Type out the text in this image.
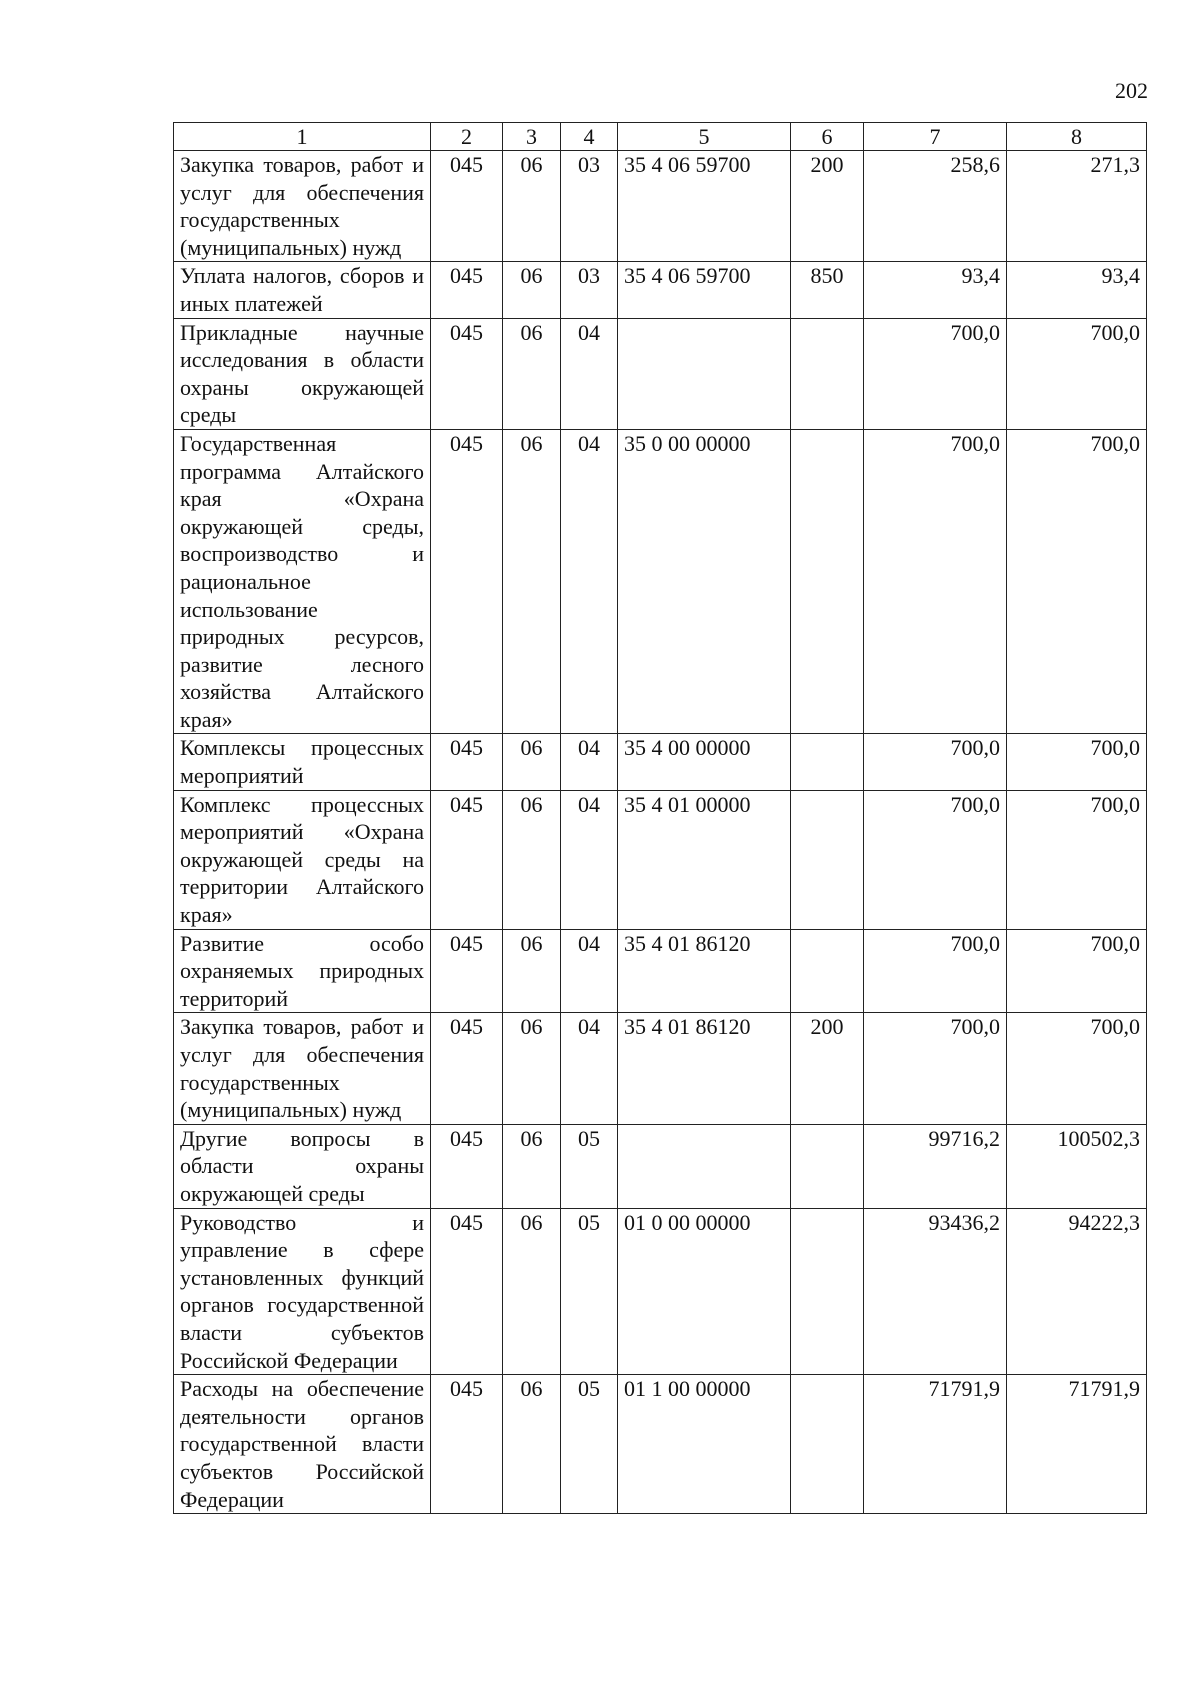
202
1	2	3	4	5	6	7	8
Закупка товаров, работ и услуг для обеспечения государственных (муниципальных) нужд	045	06	03	35 4 06 59700	200	258,6	271,3
Уплата налогов, сборов и иных платежей	045	06	03	35 4 06 59700	850	93,4	93,4
Прикладные научные исследования в области охраны окружающей среды	045	06	04			700,0	700,0
Государственная программа Алтайского края «Охрана окружающей среды, воспроизводство и рациональное использование природных ресурсов, развитие лесного хозяйства Алтайского края»	045	06	04	35 0 00 00000		700,0	700,0
Комплексы процессных мероприятий	045	06	04	35 4 00 00000		700,0	700,0
Комплекс процессных мероприятий «Охрана окружающей среды на территории Алтайского края»	045	06	04	35 4 01 00000		700,0	700,0
Развитие особо охраняемых природных территорий	045	06	04	35 4 01 86120		700,0	700,0
Закупка товаров, работ и услуг для обеспечения государственных (муниципальных) нужд	045	06	04	35 4 01 86120	200	700,0	700,0
Другие вопросы в области охраны окружающей среды	045	06	05			99716,2	100502,3
Руководство и управление в сфере установленных функций органов государственной власти субъектов Российской Федерации	045	06	05	01 0 00 00000		93436,2	94222,3
Расходы на обеспечение деятельности органов государственной власти субъектов Российской Федерации	045	06	05	01 1 00 00000		71791,9	71791,9
